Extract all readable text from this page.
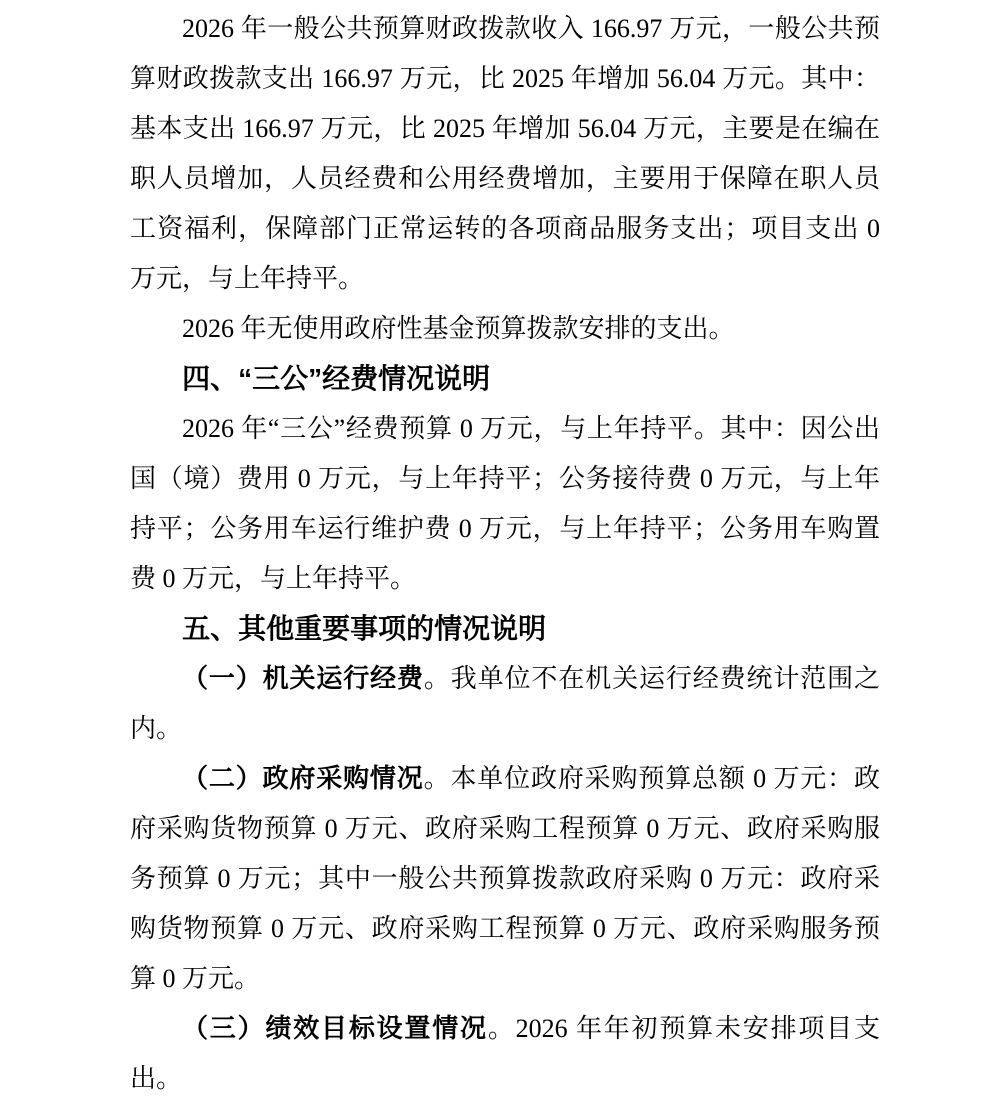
2026 年一般公共预算财政拨款收入 166.97 万元，一般公共预算财政拨款支出 166.97 万元，比 2025 年增加 56.04 万元。其中：基本支出 166.97 万元，比 2025 年增加 56.04 万元，主要是在编在职人员增加，人员经费和公用经费增加，主要用于保障在职人员工资福利，保障部门正常运转的各项商品服务支出；项目支出 0 万元，与上年持平。

2026 年无使用政府性基金预算拨款安排的支出。

四、“三公”经费情况说明

2026 年“三公”经费预算 0 万元，与上年持平。其中：因公出国（境）费用 0 万元，与上年持平；公务接待费 0 万元，与上年持平；公务用车运行维护费 0 万元，与上年持平；公务用车购置费 0 万元，与上年持平。

五、其他重要事项的情况说明

（一）机关运行经费。我单位不在机关运行经费统计范围之内。

（二）政府采购情况。本单位政府采购预算总额 0 万元：政府采购货物预算 0 万元、政府采购工程预算 0 万元、政府采购服务预算 0 万元；其中一般公共预算拨款政府采购 0 万元：政府采购货物预算 0 万元、政府采购工程预算 0 万元、政府采购服务预算 0 万元。

（三）绩效目标设置情况。2026 年年初预算未安排项目支出。
